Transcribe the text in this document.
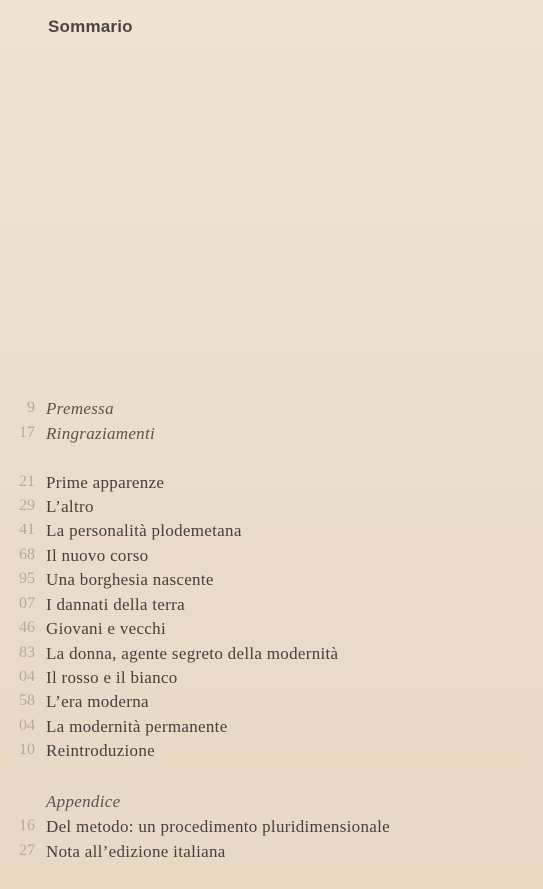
Sommario
9 Premessa
17 Ringraziamenti
21 Prime apparenze
29 L’altro
41 La personalità plodemetana
68 Il nuovo corso
95 Una borghesia nascente
07 I dannati della terra
46 Giovani e vecchi
83 La donna, agente segreto della modernità
04 Il rosso e il bianco
58 L’era moderna
04 La modernità permanente
10 Reintroduzione
Appendice
16 Del metodo: un procedimento pluridimensionale
27 Nota all’edizione italiana
